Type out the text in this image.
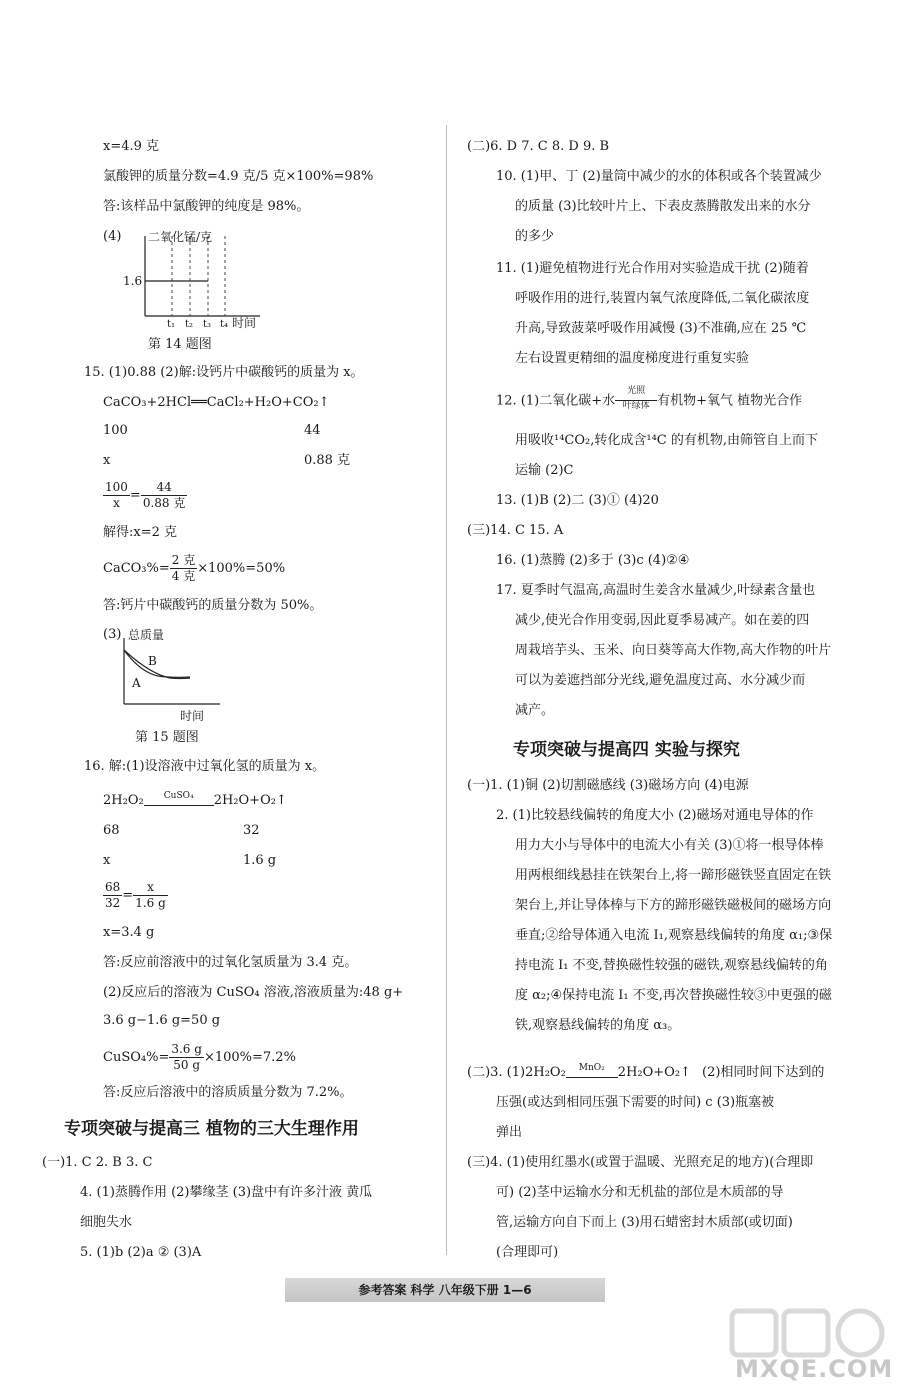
x=4.9 克
氯酸钾的质量分数=4.9 克/5 克×100%=98%
答:该样品中氯酸钾的纯度是 98%。
(4) 二氧化锰/克
1.6
t₁ t₂ t₃ t₄ 时间
第 14 题图
15. (1)0.88 (2)解:设钙片中碳酸钙的质量为 x。
CaCO₃+2HCl══CaCl₂+H₂O+CO₂↑
100	44
x	0.88 克
$\frac{100}{x} = \frac{44}{\text{0.88 克}}$
解得:x=2 克
CaCO₃%= $\frac{\text{2 克}}{\text{4 克}} \times 100\%=50\%$
答:钙片中碳酸钙的质量分数为 50%。
(3) 总质量
B
A
时间
第 15 题图
16. 解:(1)设溶液中过氧化氢的质量为 x。
2H₂O₂ CuSO₄ 2H₂O+O₂↑
68	32
x	1.6 g
$\frac{68}{32} = \frac{x}{1.6 g}$
x=3.4 g
答:反应前溶液中的过氧化氢质量为 3.4 克。
(2)反应后的溶液为 CuSO₄ 溶液,溶液质量为:48 g+
3.6 g−1.6 g=50 g
CuSO₄%= $\frac{3.6 g}{50 g} \times 100\%=7.2\%$
答:反应后溶液中的溶质质量分数为 7.2%。
专项突破与提高三 植物的三大生理作用
(一)1. C 2. B 3. C
4. (1)蒸腾作用 (2)攀缘茎 (3)盘中有许多汁液 黄瓜
细胞失水
5. (1)b (2)a ② (3)A
(二)6. D 7. C 8. D 9. B
10. (1)甲、丁 (2)量筒中减少的水的体积或各个装置减少
的质量 (3)比较叶片上、下表皮蒸腾散发出来的水分
的多少
11. (1)避免植物进行光合作用对实验造成干扰 (2)随着
呼吸作用的进行,装置内氧气浓度降低,二氧化碳浓度
升高,导致菠菜呼吸作用减慢 (3)不准确,应在 25 ℃
左右设置更精细的温度梯度进行重复实验
12. (1)二氧化碳+水光照
叶绿体 有机物+氧气 植物光合作
用吸收¹⁴CO₂,转化成含¹⁴C 的有机物,由筛管自上而下
运输 (2)C
13. (1)B (2)二 (3)① (4)20
(三)14. C 15. A
16. (1)蒸腾 (2)多于 (3)c (4)②④
17. 夏季时气温高,高温时生姜含水量减少,叶绿素含量也
减少,使光合作用变弱,因此夏季易减产。如在姜的四
周栽培芋头、玉米、向日葵等高大作物,高大作物的叶片
可以为姜遮挡部分光线,避免温度过高、水分减少而
减产。
专项突破与提高四 实验与探究
(一)1. (1)铜 (2)切割磁感线 (3)磁场方向 (4)电源
2. (1)比较悬线偏转的角度大小 (2)磁场对通电导体的作
用力大小与导体中的电流大小有关 (3)①将一根导体棒
用两根细线悬挂在铁架台上,将一蹄形磁铁竖直固定在铁
架台上,并让导体棒与下方的蹄形磁铁磁极间的磁场方向
垂直;②给导体通入电流 I₁,观察悬线偏转的角度 α₁;③保
持电流 I₁ 不变,替换磁性较强的磁铁,观察悬线偏转的角
度 α₂;④保持电流 I₁ 不变,再次替换磁性较③中更强的磁
铁,观察悬线偏转的角度 α₃。
(二)3. (1)2H₂O₂ MnO₂ 2H₂O+O₂↑ (2)相同时间下达到的
压强(或达到相同压强下需要的时间) c (3)瓶塞被
弹出
(三)4. (1)使用红墨水(或置于温暖、光照充足的地方)(合理即
可) (2)茎中运输水分和无机盐的部位是木质部的导
管,运输方向自下而上 (3)用石蜡密封木质部(或切面)
(合理即可)
参考答案 科学 八年级下册 1—6
MXQE.COM
